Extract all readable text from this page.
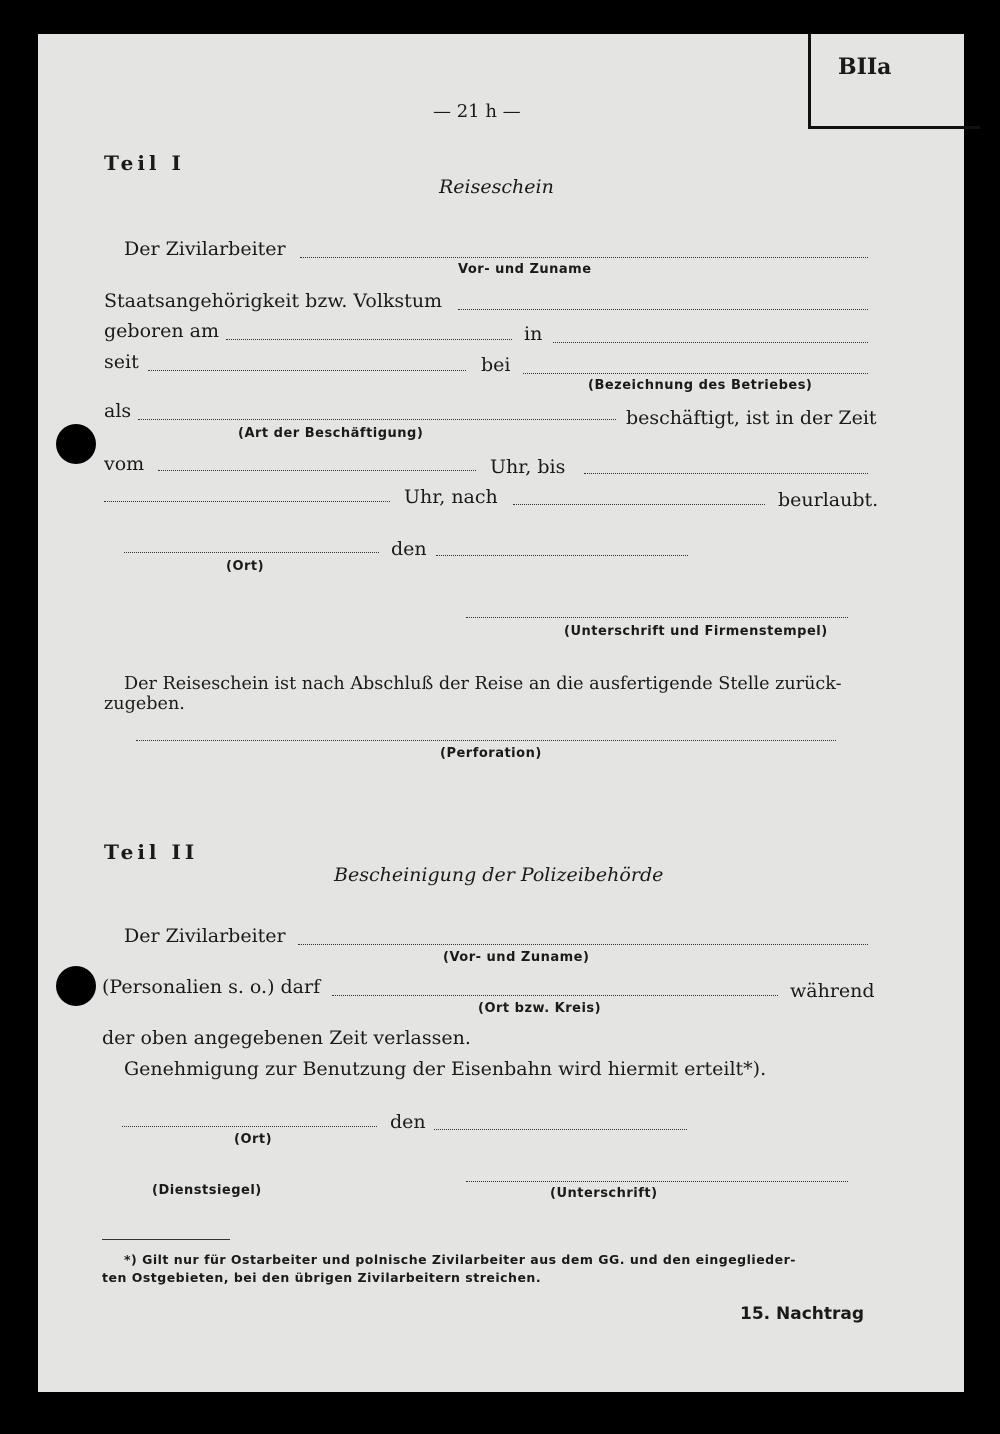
BIIa
— 21 h —
Teil I
Reiseschein
Der Zivilarbeiter
Vor- und Zuname
Staatsangehörigkeit bzw. Volkstum
geboren am	in
seit	bei
(Bezeichnung des Betriebes)
als	beschäftigt, ist in der Zeit
(Art der Beschäftigung)
vom	Uhr, bis
Uhr, nach	beurlaubt.
den
(Ort)
(Unterschrift und Firmenstempel)
Der Reiseschein ist nach Abschluß der Reise an die ausfertigende Stelle zurück-
zugeben.
(Perforation)
Teil II
Bescheinigung der Polizeibehörde
Der Zivilarbeiter
(Vor- und Zuname)
(Personalien s. o.) darf	während
(Ort bzw. Kreis)
der oben angegebenen Zeit verlassen.
Genehmigung zur Benutzung der Eisenbahn wird hiermit erteilt*).
den
(Ort)
(Dienstsiegel)	(Unterschrift)
*) Gilt nur für Ostarbeiter und polnische Zivilarbeiter aus dem GG. und den eingeglieder-
ten Ostgebieten, bei den übrigen Zivilarbeitern streichen.
15. Nachtrag
